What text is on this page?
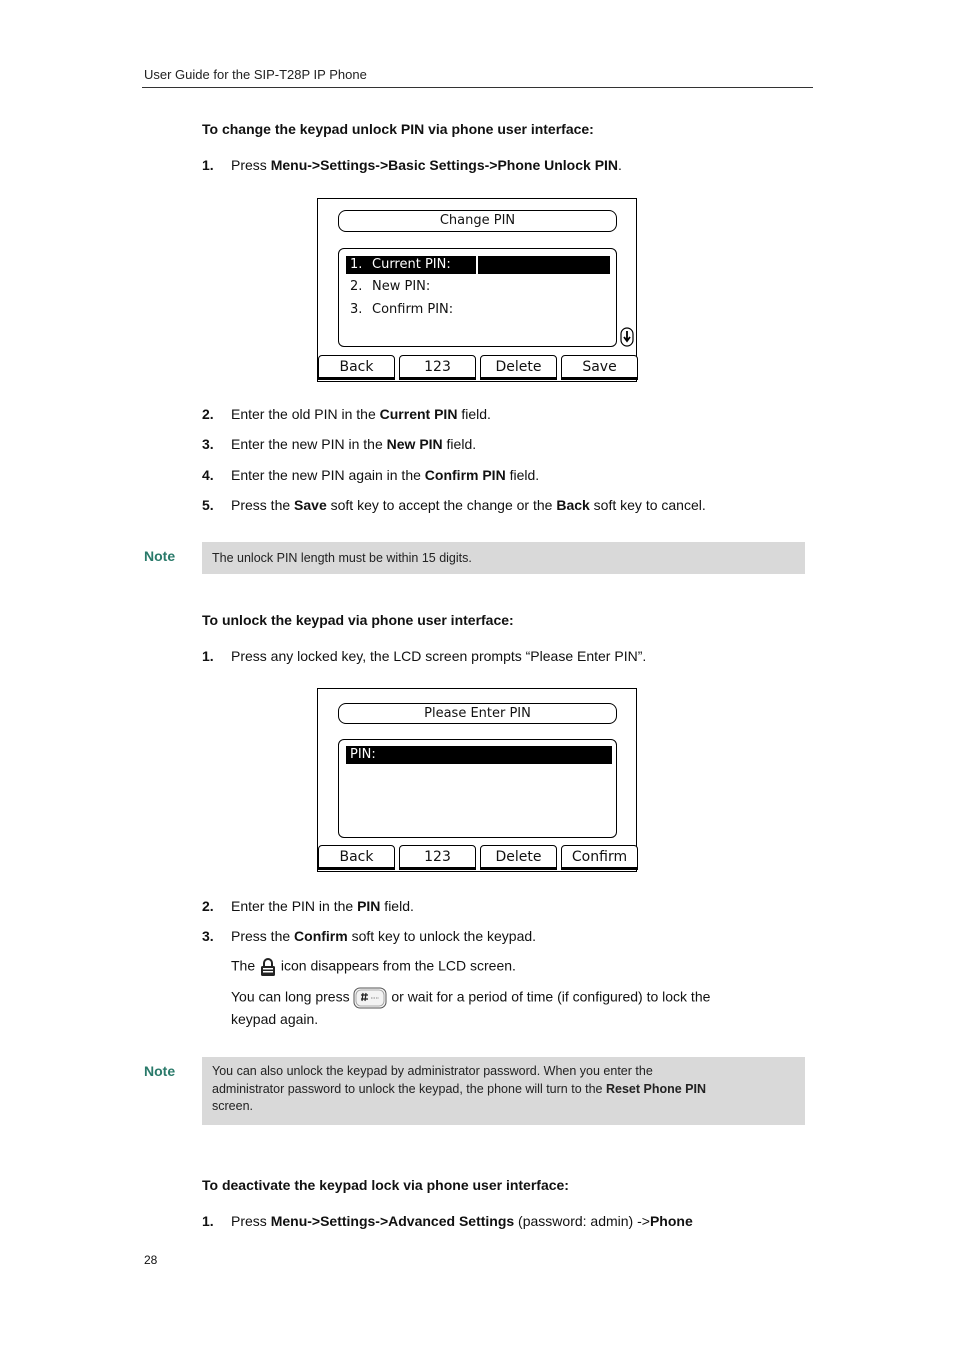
User Guide for the SIP-T28P IP Phone
To change the keypad unlock PIN via phone user interface:
1. Press Menu->Settings->Basic Settings->Phone Unlock PIN.
Change PIN
1. Current PIN:
2. New PIN:
3. Confirm PIN:
Back	123	Delete	Save
2. Enter the old PIN in the Current PIN field.
3. Enter the new PIN in the New PIN field.
4. Enter the new PIN again in the Confirm PIN field.
5. Press the Save soft key to accept the change or the Back soft key to cancel.
Note	The unlock PIN length must be within 15 digits.
To unlock the keypad via phone user interface:
1. Press any locked key, the LCD screen prompts “Please Enter PIN”.
Please Enter PIN
PIN:
Back	123	Delete	Confirm
2. Enter the PIN in the PIN field.
3. Press the Confirm soft key to unlock the keypad.
The  icon disappears from the LCD screen.
You can long press	or wait for a period of time (if configured) to lock the
keypad again.
Note	You can also unlock the keypad by administrator password. When you enter the
administrator password to unlock the keypad, the phone will turn to the Reset Phone PIN
screen.
To deactivate the keypad lock via phone user interface:
1. Press Menu->Settings->Advanced Settings (password: admin) ->Phone
28
